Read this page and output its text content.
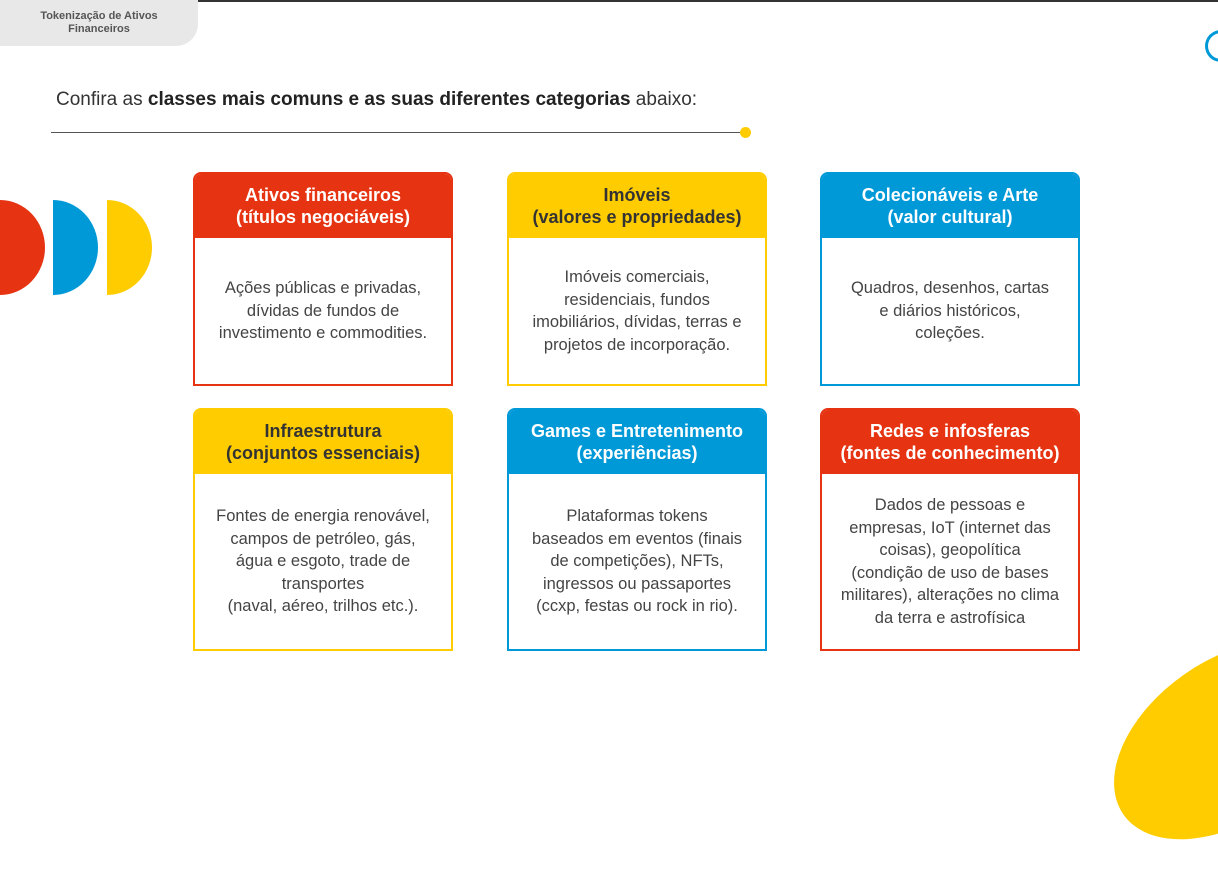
Tokenização de Ativos
Financeiros
Confira as classes mais comuns e as suas diferentes categorias abaixo:
Ativos financeiros
(títulos negociáveis)
Ações públicas e privadas,
dívidas de fundos de
investimento e commodities.
Imóveis
(valores e propriedades)
Imóveis comerciais,
residenciais, fundos
imobiliários, dívidas, terras e
projetos de incorporação.
Colecionáveis e Arte
(valor cultural)
Quadros, desenhos, cartas
e diários históricos,
coleções.
Infraestrutura
(conjuntos essenciais)
Fontes de energia renovável,
campos de petróleo, gás,
água e esgoto, trade de
transportes
(naval, aéreo, trilhos etc.).
Games e Entretenimento
(experiências)
Plataformas tokens
baseados em eventos (finais
de competições), NFTs,
ingressos ou passaportes
(ccxp, festas ou rock in rio).
Redes e infosferas
(fontes de conhecimento)
Dados de pessoas e
empresas, IoT (internet das
coisas), geopolítica
(condição de uso de bases
militares), alterações no clima
da terra e astrofísica
